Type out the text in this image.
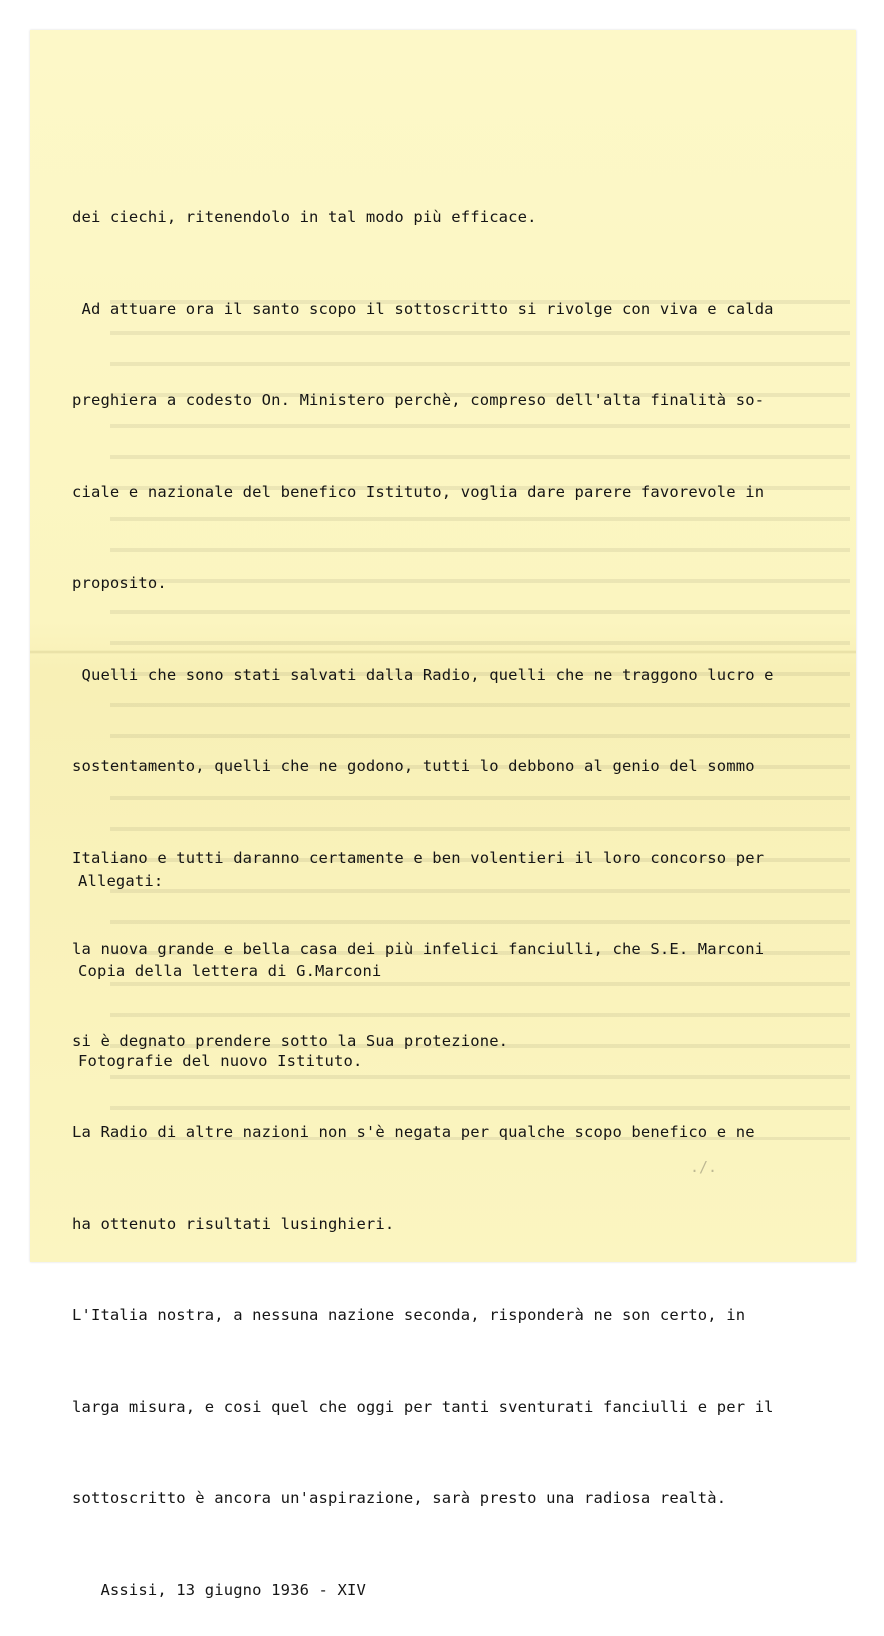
dei ciechi, ritenendolo in tal modo più efficace.

Ad attuare ora il santo scopo il sottoscritto si rivolge con viva e calda

preghiera a codesto On. Ministero perchè, compreso dell'alta finalità so-

ciale e nazionale del benefico Istituto, voglia dare parere favorevole in

proposito.

Quelli che sono stati salvati dalla Radio, quelli che ne traggono lucro e

sostentamento, quelli che ne godono, tutti lo debbono al genio del sommo

Italiano e tutti daranno certamente e ben volentieri il loro concorso per

la nuova grande e bella casa dei più infelici fanciulli, che S.E. Marconi

si è degnato prendere sotto la Sua protezione.

La Radio di altre nazioni non s'è negata per qualche scopo benefico e ne

ha ottenuto risultati lusinghieri.

L'Italia nostra, a nessuna nazione seconda, risponderà ne son certo, in

larga misura, e cosi quel che oggi per tanti sventurati fanciulli e per il

sottoscritto è ancora un'aspirazione, sarà presto una radiosa realtà.

Assisi, 13 giugno 1936 - XIV

Allegati:

Copia della lettera di G.Marconi

Fotografie del nuovo Istituto.

./.
